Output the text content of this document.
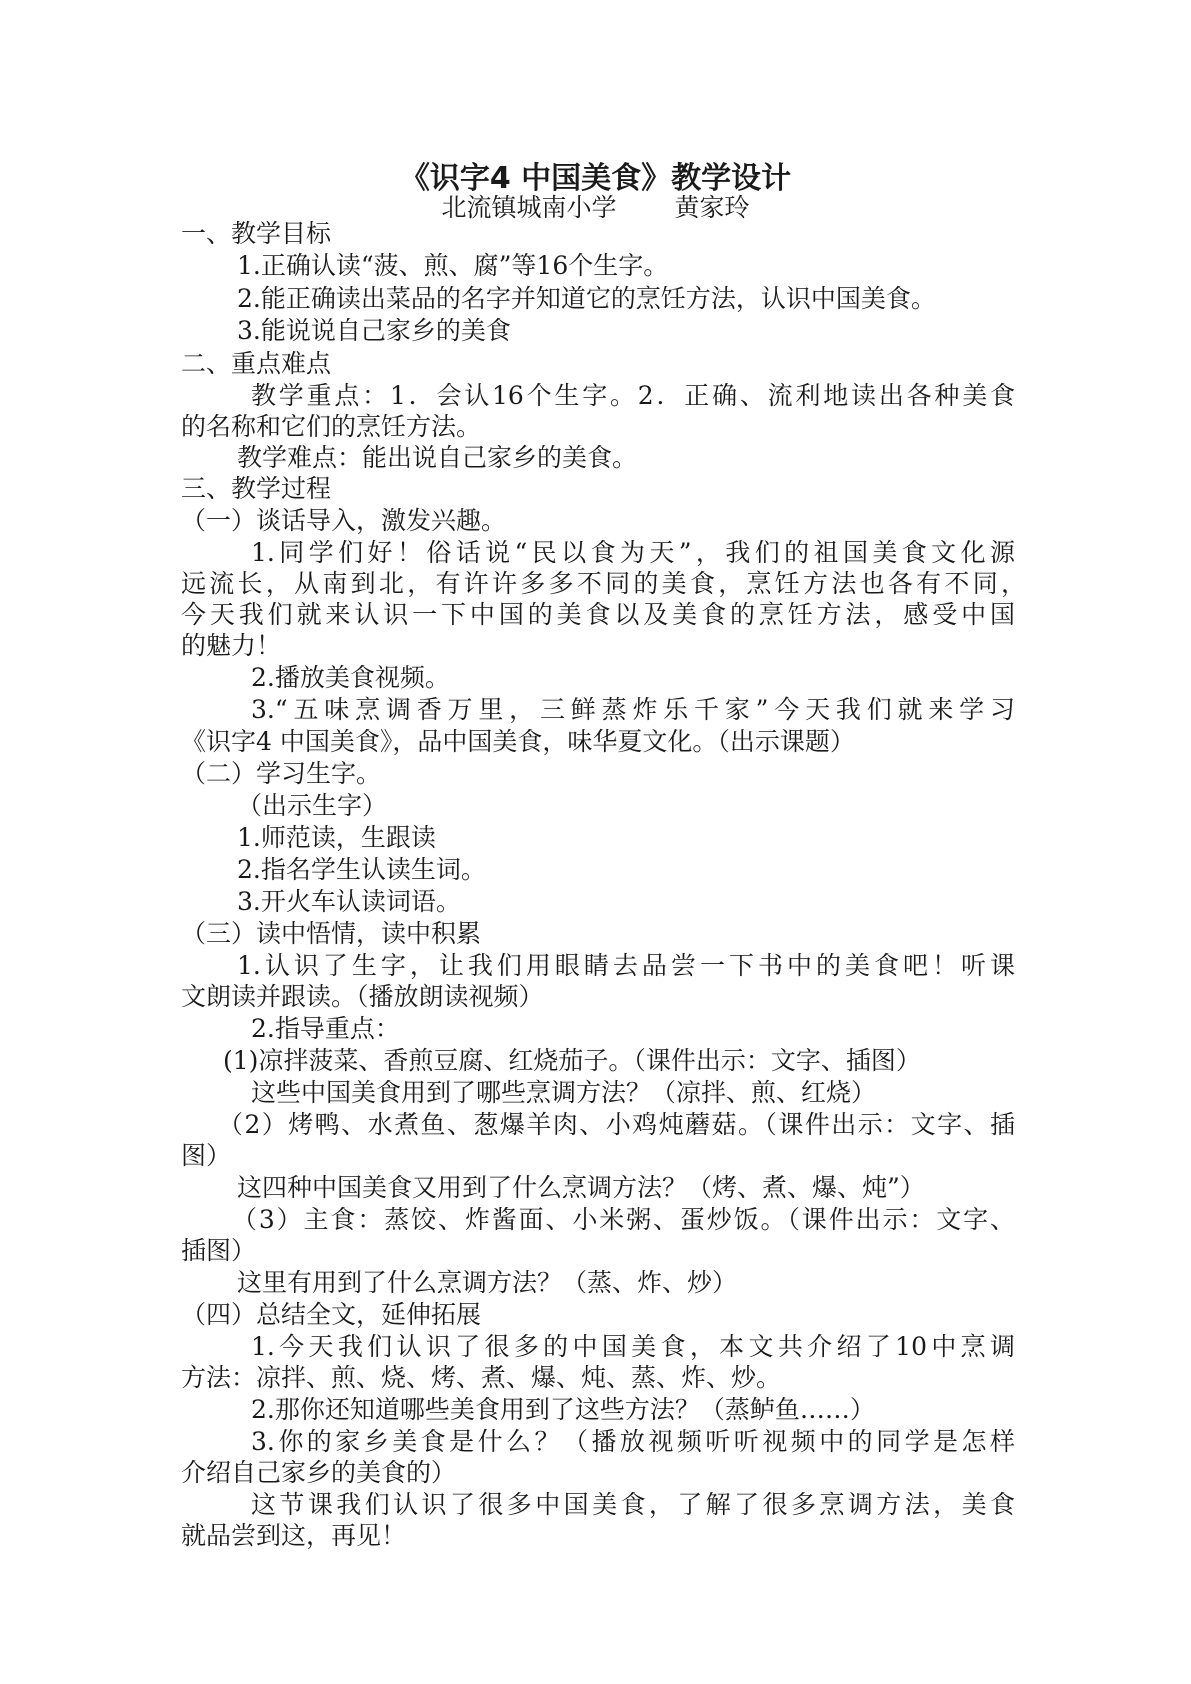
《识字4 中国美食》教学设计
北流镇城南小学 黄家玲
一、教学目标
1.正确认读“菠、煎、腐”等16个生字。
2.能正确读出菜品的名字并知道它的烹饪方法，认识中国美食。
3.能说说自己家乡的美食
二、重点难点
教学重点：1．会认16个生字。2．正确、流利地读出各种美食
的名称和它们的烹饪方法。
教学难点：能出说自己家乡的美食。
三、教学过程
（一）谈话导入，激发兴趣。
1.同学们好！俗话说“民以食为天”，我们的祖国美食文化源
远流长，从南到北，有许许多多不同的美食，烹饪方法也各有不同，
今天我们就来认识一下中国的美食以及美食的烹饪方法，感受中国
的魅力！
2.播放美食视频。
3.“五味烹调香万里，三鲜蒸炸乐千家”今天我们就来学习
《识字4 中国美食》，品中国美食，味华夏文化。（出示课题）
（二）学习生字。
（出示生字）
1.师范读，生跟读
2.指名学生认读生词。
3.开火车认读词语。
（三）读中悟情，读中积累
1.认识了生字，让我们用眼睛去品尝一下书中的美食吧！听课
文朗读并跟读。（播放朗读视频）
2.指导重点：
(1)凉拌菠菜、香煎豆腐、红烧茄子。（课件出示：文字、插图）
这些中国美食用到了哪些烹调方法？（凉拌、煎、红烧）
（2）烤鸭、水煮鱼、葱爆羊肉、小鸡炖蘑菇。（课件出示：文字、插
图）
这四种中国美食又用到了什么烹调方法？（烤、煮、爆、炖”）
（3）主食：蒸饺、炸酱面、小米粥、蛋炒饭。（课件出示：文字、
插图）
这里有用到了什么烹调方法？（蒸、炸、炒）
（四）总结全文，延伸拓展
1.今天我们认识了很多的中国美食，本文共介绍了10中烹调
方法：凉拌、煎、烧、烤、煮、爆、炖、蒸、炸、炒。
2.那你还知道哪些美食用到了这些方法？（蒸鲈鱼……）
3.你的家乡美食是什么？（播放视频听听视频中的同学是怎样
介绍自己家乡的美食的）
这节课我们认识了很多中国美食，了解了很多烹调方法，美食
就品尝到这，再见！
